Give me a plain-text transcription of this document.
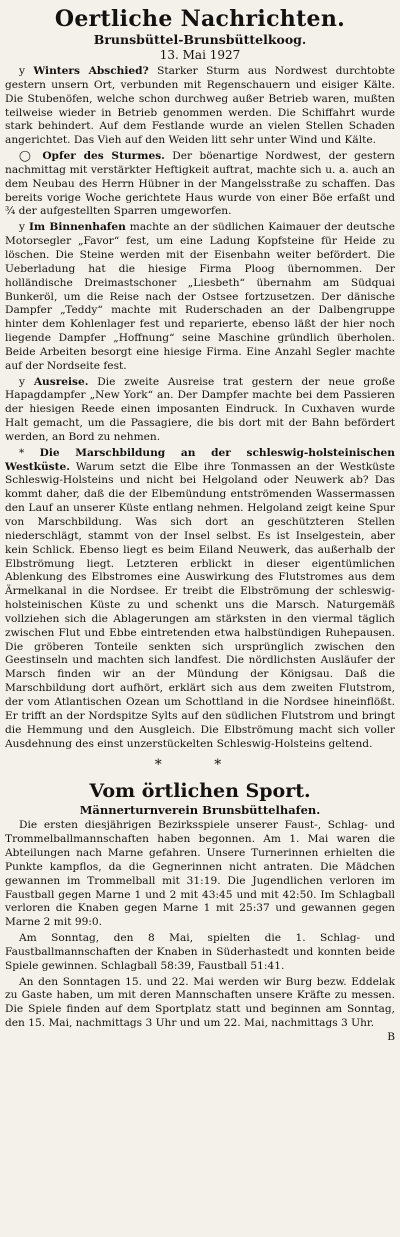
Oertliche Nachrichten.
Brunsbüttel-Brunsbüttelkoog.
13. Mai 1927

y Winters Abschied? Starker Sturm aus Nordwest durchtobte gestern unsern Ort, verbunden mit Regenschauern und eisiger Kälte. Die Stubenöfen, welche schon durchweg außer Betrieb waren, mußten teilweise wieder in Betrieb genommen werden. Die Schiffahrt wurde stark behindert. Auf dem Festlande wurde an vielen Stellen Schaden angerichtet. Das Vieh auf den Weiden litt sehr unter Wind und Kälte.

◯ Opfer des Sturmes. Der böenartige Nordwest, der gestern nachmittag mit verstärkter Heftigkeit auftrat, machte sich u. a. auch an dem Neubau des Herrn Hübner in der Mangelsstraße zu schaffen. Das bereits vorige Woche gerichtete Haus wurde von einer Böe erfaßt und ¾ der aufgestellten Sparren umgeworfen.

y Im Binnenhafen machte an der südlichen Kaimauer der deutsche Motorsegler „Favor“ fest, um eine Ladung Kopfsteine für Heide zu löschen. Die Steine werden mit der Eisenbahn weiter befördert. Die Ueberladung hat die hiesige Firma Ploog übernommen. Der holländische Dreimastschoner „Liesbeth“ übernahm am Südquai Bunkeröl, um die Reise nach der Ostsee fortzusetzen. Der dänische Dampfer „Teddy“ machte mit Ruderschaden an der Dalbengruppe hinter dem Kohlenlager fest und reparierte, ebenso läßt der hier noch liegende Dampfer „Hoffnung“ seine Maschine gründlich überholen. Beide Arbeiten besorgt eine hiesige Firma. Eine Anzahl Segler machte auf der Nordseite fest.

y Ausreise. Die zweite Ausreise trat gestern der neue große Hapagdampfer „New York“ an. Der Dampfer machte bei dem Passieren der hiesigen Reede einen imposanten Eindruck. In Cuxhaven wurde Halt gemacht, um die Passagiere, die bis dort mit der Bahn befördert werden, an Bord zu nehmen.

* Die Marschbildung an der schleswig-holsteinischen Westküste. Warum setzt die Elbe ihre Tonmassen an der Westküste Schleswig-Holsteins und nicht bei Helgoland oder Neuwerk ab? Das kommt daher, daß die der Elbemündung entströmenden Wassermassen den Lauf an unserer Küste entlang nehmen. Helgoland zeigt keine Spur von Marschbildung. Was sich dort an geschützteren Stellen niederschlägt, stammt von der Insel selbst. Es ist Inselgestein, aber kein Schlick. Ebenso liegt es beim Eiland Neuwerk, das außerhalb der Elbströmung liegt. Letzteren erblickt in dieser eigentümlichen Ablenkung des Elbstromes eine Auswirkung des Flutstromes aus dem Ärmelkanal in die Nordsee. Er treibt die Elbströmung der schleswig-holsteinischen Küste zu und schenkt uns die Marsch. Naturgemäß vollziehen sich die Ablagerungen am stärksten in den viermal täglich zwischen Flut und Ebbe eintretenden etwa halbstündigen Ruhepausen. Die gröberen Tonteile senkten sich ursprünglich zwischen den Geestinseln und machten sich landfest. Die nördlichsten Ausläufer der Marsch finden wir an der Mündung der Königsau. Daß die Marschbildung dort aufhört, erklärt sich aus dem zweiten Flutstrom, der vom Atlantischen Ozean um Schottland in die Nordsee hineinflößt. Er trifft an der Nordspitze Sylts auf den südlichen Flutstrom und bringt die Hemmung und den Ausgleich. Die Elbströmung macht sich voller Ausdehnung des einst unzerstückelten Schleswig-Holsteins geltend.

* *
Vom örtlichen Sport.
Männerturnverein Brunsbüttelhafen.

Die ersten diesjährigen Bezirksspiele unserer Faust-, Schlag- und Trommelballmannschaften haben begonnen. Am 1. Mai waren die Abteilungen nach Marne gefahren. Unsere Turnerinnen erhielten die Punkte kampflos, da die Gegnerinnen nicht antraten. Die Mädchen gewannen im Trommelball mit 31:19. Die Jugendlichen verloren im Faustball gegen Marne 1 und 2 mit 43:45 und mit 42:50. Im Schlagball verloren die Knaben gegen Marne 1 mit 25:37 und gewannen gegen Marne 2 mit 99:0.

Am Sonntag, den 8 Mai, spielten die 1. Schlag- und Faustballmannschaften der Knaben in Süderhastedt und konnten beide Spiele gewinnen. Schlagball 58:39, Faustball 51:41.

An den Sonntagen 15. und 22. Mai werden wir Burg bezw. Eddelak zu Gaste haben, um mit deren Mannschaften unsere Kräfte zu messen. Die Spiele finden auf dem Sportplatz statt und beginnen am Sonntag, den 15. Mai, nachmittags 3 Uhr und um 22. Mai, nachmittags 3 Uhr.
B
